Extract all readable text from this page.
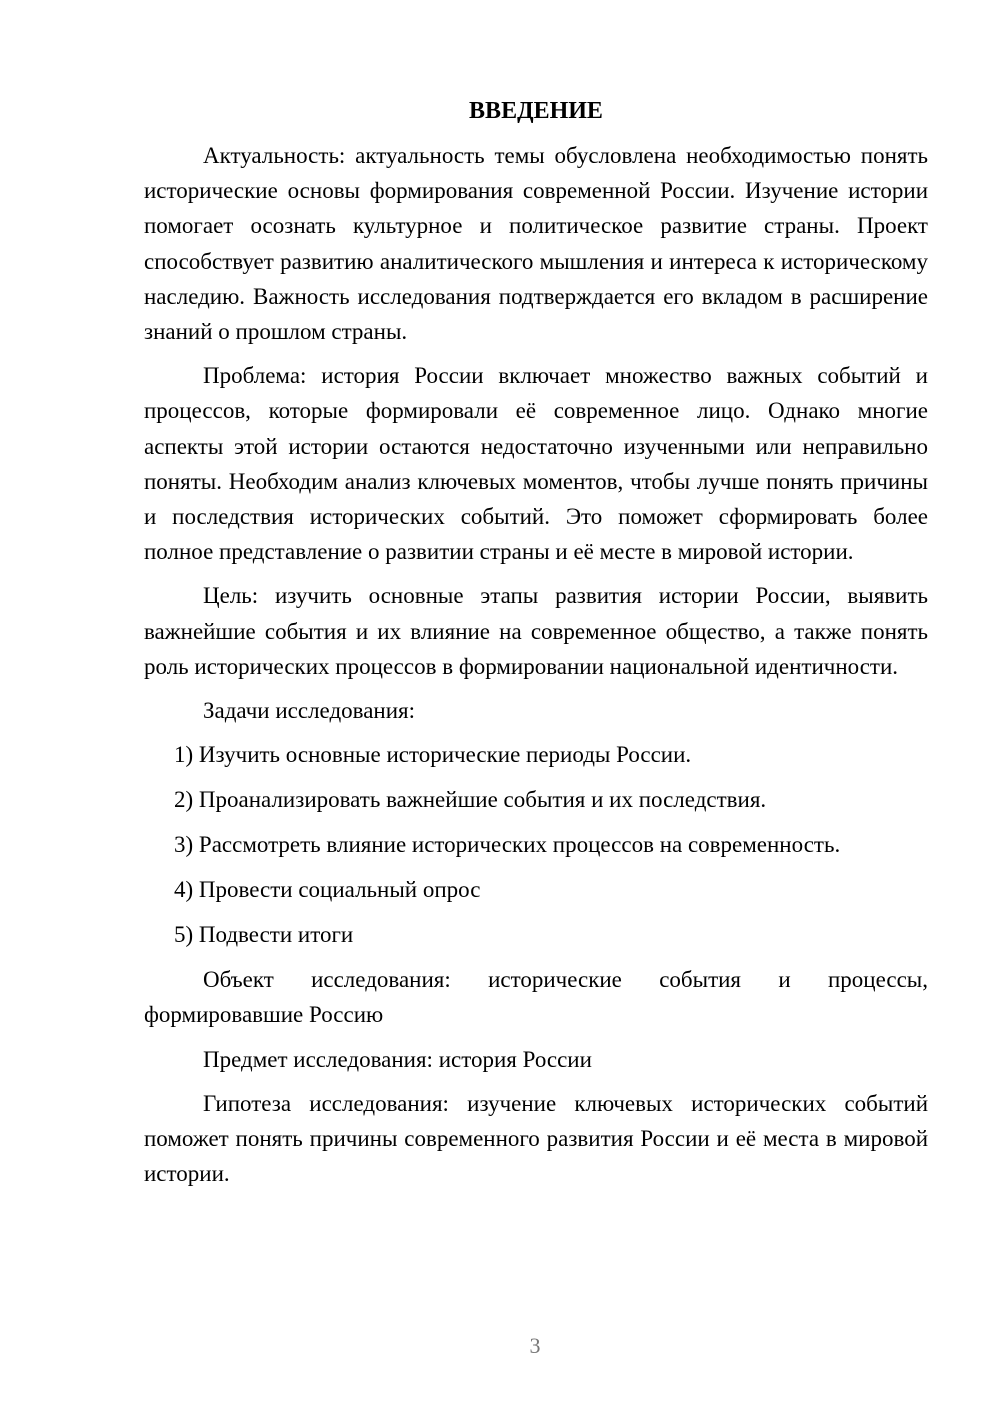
ВВЕДЕНИЕ

Актуальность: актуальность темы обусловлена необходимостью понять исторические основы формирования современной России. Изучение истории помогает осознать культурное и политическое развитие страны. Проект способствует развитию аналитического мышления и интереса к историческому наследию. Важность исследования подтверждается его вкладом в расширение знаний о прошлом страны.

Проблема: история России включает множество важных событий и процессов, которые формировали её современное лицо. Однако многие аспекты этой истории остаются недостаточно изученными или неправильно поняты. Необходим анализ ключевых моментов, чтобы лучше понять причины и последствия исторических событий. Это поможет сформировать более полное представление о развитии страны и её месте в мировой истории.

Цель: изучить основные этапы развития истории России, выявить важнейшие события и их влияние на современное общество, а также понять роль исторических процессов в формировании национальной идентичности.

Задачи исследования:

1) Изучить основные исторические периоды России.
2) Проанализировать важнейшие события и их последствия.
3) Рассмотреть влияние исторических процессов на современность.
4) Провести социальный опрос
5) Подвести итоги

Объект исследования: исторические события и процессы, формировавшие Россию

Предмет исследования: история России

Гипотеза исследования: изучение ключевых исторических событий поможет понять причины современного развития России и её места в мировой истории.

3
